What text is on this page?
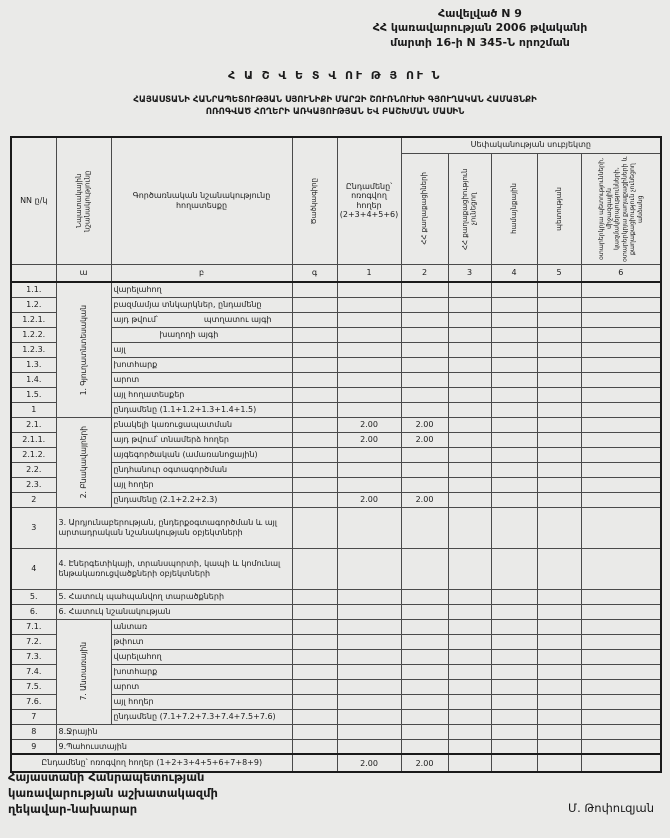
Հավելված N 9
ՀՀ կառավարության 2006 թվականի
մարտի 16-ի N 345-Ն որոշման
Հ Ա Շ Վ Ե Տ Վ ՈՒ Թ Յ ՈՒ Ն
ՀԱՅԱՍՏԱՆԻ ՀԱՆՐԱՊԵՏՈՒԹՅԱՆ ՍՅՈՒՆԻՔԻ ՄԱՐԶԻ ՇՈՒՌՆՈՒԽԻ ԳՅՈՒՂԱԿԱՆ ՀԱՄԱՅՆՔԻ
ՈՌՈԳՎԱԾ ՀՈՂԵՐԻ ԱՌԿԱՅՈՒԹՅԱՆ ԵՎ ԲԱՇԽՄԱՆ ՄԱՍԻՆ
NN ը/կ	Նպատակային նշանակությունը	Գործառնական նշանակությունը հողատեսքը	Ծածկագիրը	Ընդամենը՝ ոռոգվող հողեր (2+3+4+5+6)	Սեփականության սուբյեկտը				

					ՀՀ քաղաքացիների	ՀՀ քաղաքացիություն չունեցող	համայնքային	պետության	օտարերկրյա պետությունների, միջազգային կազմակերպությունների, օտարերկրյա քաղաքացիների և քաղաքացիություն չունեցող անձանց

	ա	բ	գ	1	2	3	4	5	6
1.1.	1. Գյուղատնտեսական	վարելահող							
1.2.		բազմամյա տնկարկներ, ընդամենը							
1.2.1.		այդ թվում՝ պտղատու այգի							
1.2.2.		խաղողի այգի							
1.2.3.		այլ							
1.3.		խոտհարք							
1.4.		արոտ							
1.5.		այլ հողատեսքեր							
1		ընդամենը (1.1+1.2+1.3+1.4+1.5)							
2.1.	2. Բնակավայրերի	բնակելի կառուցապատման		2.00	2.00				
2.1.1.		այդ թվում՝ տնամերձ հողեր		2.00	2.00				
2.1.2.		այգեգործական (ամառանոցային)							
2.2.		ընդհանուր օգտագործման							
2.3.		այլ հողեր							
2		ընդամենը (2.1+2.2+2.3)		2.00	2.00				
3	3. Արդյունաբերության, ընդերքօգտագործման և այլ արտադրական նշանակության օբյեկտների								
4	4. Էներգետիկայի, տրանսպորտի, կապի և կոմունալ ենթակառուցվածքների օբյեկտների								
5.	5. Հատուկ պահպանվող տարածքների								
6.	6. Հատուկ նշանակության								
7.1.	7. Անտառային	անտառ							
7.2.		թփուտ							
7.3.		վարելահող							
7.4.		խոտհարք							
7.5.		արոտ							
7.6.		այլ հողեր							
7		ընդամենը (7.1+7.2+7.3+7.4+7.5+7.6)							
8	8.Ջրային								
9	9.Պահուստային								
Ընդամենը՝ ոռոգվող հողեր (1+2+3+4+5+6+7+8+9)				2.00	2.00				
Հայաստանի Հանրապետության
կառավարության աշխատակազմի
ղեկավար-նախարար	Մ. Թոփուզյան
